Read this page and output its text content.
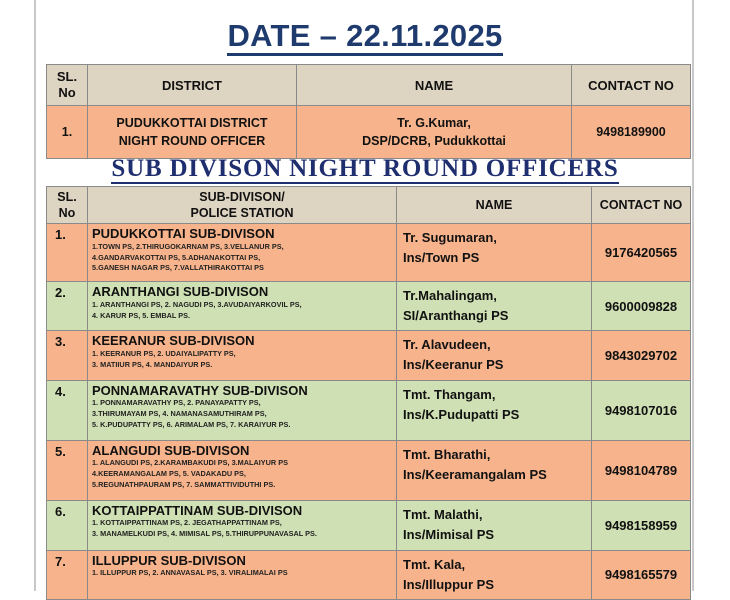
DATE – 22.11.2025
SL.
No	DISTRICT	NAME	CONTACT NO
1.	PUDUKKOTTAI DISTRICT
NIGHT ROUND OFFICER	Tr. G.Kumar,
DSP/DCRB, Pudukkottai	9498189900
SUB DIVISON NIGHT ROUND OFFICERS
SL.
No	SUB-DIVISON/
POLICE STATION	NAME	CONTACT NO
1.	PUDUKKOTTAI SUB-DIVISON
1.TOWN PS, 2.THIRUGOKARNAM PS, 3.VELLANUR PS,
4.GANDARVAKOTTAI PS, 5.ADHANAKOTTAI PS,
5.GANESH NAGAR PS, 7.VALLATHIRAKOTTAI PS	Tr. Sugumaran,
Ins/Town PS	9176420565
2.	ARANTHANGI SUB-DIVISON
1. ARANTHANGI PS, 2. NAGUDI PS, 3.AVUDAIYARKOVIL PS,
4. KARUR PS, 5. EMBAL PS.	Tr.Mahalingam,
SI/Aranthangi PS	9600009828
3.	KEERANUR SUB-DIVISON
1. KEERANUR PS, 2. UDAIYALIPATTY PS,
3. MATIIUR PS, 4. MANDAIYUR PS.	Tr. Alavudeen,
Ins/Keeranur PS	9843029702
4.	PONNAMARAVATHY SUB-DIVISON
1. PONNAMARAVATHY PS, 2. PANAYAPATTY PS,
3.THIRUMAYAM PS, 4. NAMANASAMUTHIRAM PS,
5. K.PUDUPATTY PS, 6. ARIMALAM PS, 7. KARAIYUR PS.	Tmt. Thangam,
Ins/K.Pudupatti PS	9498107016
5.	ALANGUDI SUB-DIVISON
1. ALANGUDI PS, 2.KARAMBAKUDI PS, 3.MALAIYUR PS
4.KEERAMANGALAM PS, 5. VADAKADU PS,
5.REGUNATHPAURAM PS, 7. SAMMATTIVIDUTHI PS.	Tmt. Bharathi,
Ins/Keeramangalam PS	9498104789
6.	KOTTAIPPATTINAM SUB-DIVISON
1. KOTTAIPPATTINAM PS, 2. JEGATHAPPATTINAM PS,
3. MANAMELKUDI PS, 4. MIMISAL PS, 5.THIRUPPUNAVASAL PS.	Tmt. Malathi,
Ins/Mimisal PS	9498158959
7.	ILLUPPUR SUB-DIVISON
1. ILLUPPUR PS, 2. ANNAVASAL PS, 3. VIRALIMALAI PS	Tmt. Kala,
Ins/Illuppur PS	9498165579
